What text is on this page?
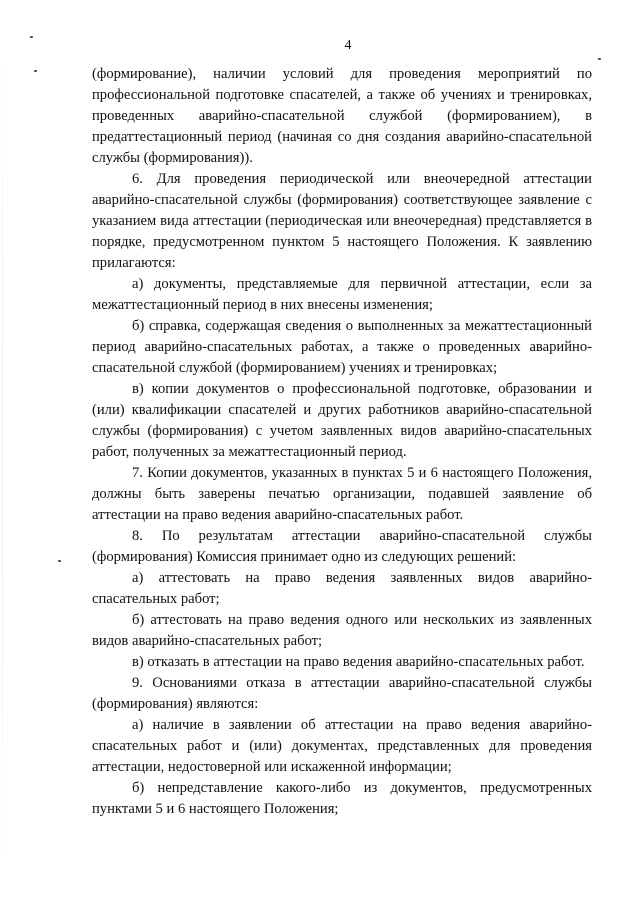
4

(формирование), наличии условий для проведения мероприятий по профессиональной подготовке спасателей, а также об учениях и тренировках, проведенных аварийно-спасательной службой (формированием), в предаттестационный период (начиная со дня создания аварийно-спасательной службы (формирования)).

6. Для проведения периодической или внеочередной аттестации аварийно-спасательной службы (формирования) соответствующее заявление с указанием вида аттестации (периодическая или внеочередная) представляется в порядке, предусмотренном пунктом 5 настоящего Положения. К заявлению прилагаются:

а) документы, представляемые для первичной аттестации, если за межаттестационный период в них внесены изменения;

б) справка, содержащая сведения о выполненных за межаттестационный период аварийно-спасательных работах, а также о проведенных аварийно-спасательной службой (формированием) учениях и тренировках;

в) копии документов о профессиональной подготовке, образовании и (или) квалификации спасателей и других работников аварийно-спасательной службы (формирования) с учетом заявленных видов аварийно-спасательных работ, полученных за межаттестационный период.

7. Копии документов, указанных в пунктах 5 и 6 настоящего Положения, должны быть заверены печатью организации, подавшей заявление об аттестации на право ведения аварийно-спасательных работ.

8. По результатам аттестации аварийно-спасательной службы (формирования) Комиссия принимает одно из следующих решений:

а) аттестовать на право ведения заявленных видов аварийно-спасательных работ;

б) аттестовать на право ведения одного или нескольких из заявленных видов аварийно-спасательных работ;

в) отказать в аттестации на право ведения аварийно-спасательных работ.

9. Основаниями отказа в аттестации аварийно-спасательной службы (формирования) являются:

а) наличие в заявлении об аттестации на право ведения аварийно-спасательных работ и (или) документах, представленных для проведения аттестации, недостоверной или искаженной информации;

б) непредставление какого-либо из документов, предусмотренных пунктами 5 и 6 настоящего Положения;
